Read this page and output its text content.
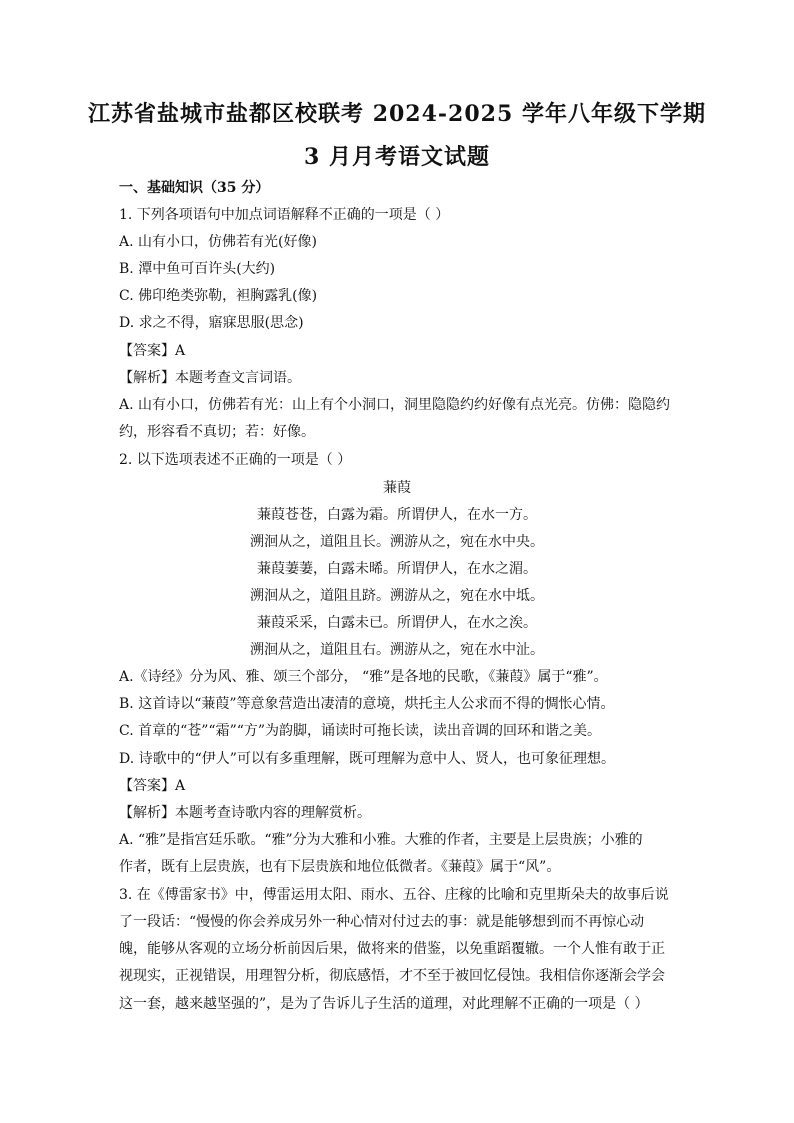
江苏省盐城市盐都区校联考 2024-2025 学年八年级下学期
3 月月考语文试题
一、基础知识（35 分）
1. 下列各项语句中加点词语解释不正确的一项是（ ）
A. 山有小口，仿佛若有光(好像)
B. 潭中鱼可百许头(大约)
C. 佛印绝类弥勒，袒胸露乳(像)
D. 求之不得，寤寐思服(思念)
【答案】A
【解析】本题考查文言词语。
A. 山有小口，仿佛若有光：山上有个小洞口，洞里隐隐约约好像有点光亮。仿佛：隐隐约
约，形容看不真切；若：好像。
2. 以下选项表述不正确的一项是（ ）
蒹葭
蒹葭苍苍，白露为霜。所谓伊人，在水一方。
溯洄从之，道阻且长。溯游从之，宛在水中央。
蒹葭萋萋，白露未晞。所谓伊人，在水之湄。
溯洄从之，道阻且跻。溯游从之，宛在水中坻。
蒹葭采采，白露未已。所谓伊人，在水之涘。
溯洄从之，道阻且右。溯游从之，宛在水中沚。
A.《诗经》分为风、雅、颂三个部分， “雅”是各地的民歌，《蒹葭》属于“雅”。
B. 这首诗以“蒹葭”等意象营造出凄清的意境，烘托主人公求而不得的惆怅心情。
C. 首章的“苍”“霜”“方”为韵脚，诵读时可拖长读，读出音调的回环和谐之美。
D. 诗歌中的“伊人”可以有多重理解，既可理解为意中人、贤人，也可象征理想。
【答案】A
【解析】本题考查诗歌内容的理解赏析。
A. “雅”是指宫廷乐歌。“雅”分为大雅和小雅。大雅的作者，主要是上层贵族；小雅的
作者，既有上层贵族，也有下层贵族和地位低微者。《蒹葭》属于“风”。
3. 在《傅雷家书》中，傅雷运用太阳、雨水、五谷、庄稼的比喻和克里斯朵夫的故事后说
了一段话：“慢慢的你会养成另外一种心情对付过去的事：就是能够想到而不再惊心动
魄，能够从客观的立场分析前因后果，做将来的借鉴，以免重蹈覆辙。一个人惟有敢于正
视现实，正视错误，用理智分析，彻底感悟，才不至于被回忆侵蚀。我相信你逐渐会学会
这一套，越来越坚强的”，是为了告诉儿子生活的道理，对此理解不正确的一项是（ ）
